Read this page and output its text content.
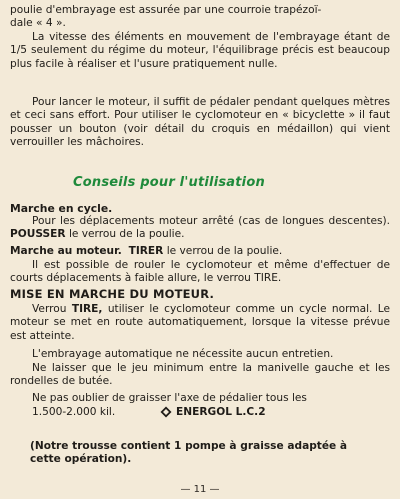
poulie d'embrayage est assurée par une courroie trapézoï-

dale « 4 ».

La vitesse des éléments en mouvement de l'embrayage étant de 1/5 seulement du régime du moteur, l'équilibrage précis est beaucoup plus facile à réaliser et l'usure pratiquement nulle.

Pour lancer le moteur, il suffit de pédaler pendant quelques mètres et ceci sans effort. Pour utiliser le cyclomoteur en « bicyclette » il faut pousser un bouton (voir détail du croquis en médaillon) qui vient verrouiller les mâchoires.

Conseils pour l'utilisation
Marche en cycle.

Pour les déplacements moteur arrêté (cas de longues descentes). POUSSER le verrou de la poulie.

Marche au moteur. TIRER le verrou de la poulie.

Il est possible de rouler le cyclomoteur et même d'effectuer de courts déplacements à faible allure, le verrou TIRE.

MISE EN MARCHE DU MOTEUR.

Verrou TIRE, utiliser le cyclomoteur comme un cycle normal. Le moteur se met en route automatiquement, lorsque la vitesse prévue est atteinte.

L'embrayage automatique ne nécessite aucun entretien.

Ne laisser que le jeu minimum entre la manivelle gauche et les rondelles de butée.

Ne pas oublier de graisser l'axe de pédalier tous les

1.500-2.000 kil.	ENERGOL L.C.2

(Notre trousse contient 1 pompe à graisse adaptée à cette opération).

— 11 —
